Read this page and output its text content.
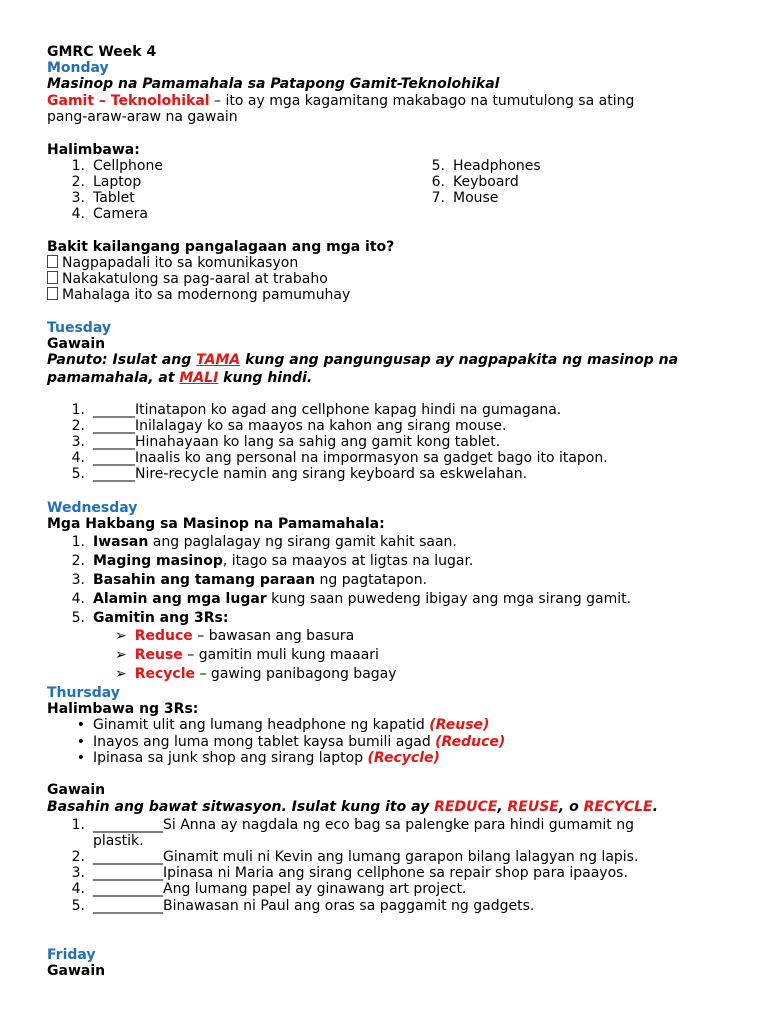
GMRC Week 4
Monday
Masinop na Pamamahala sa Patapong Gamit-Teknolohikal
Gamit – Teknolohikal – ito ay mga kagamitang makabago na tumutulong sa ating
pang-araw-araw na gawain
Halimbawa:
1. Cellphone
2. Laptop
3. Tablet
4. Camera
5. Headphones
6. Keyboard
7. Mouse
Bakit kailangang pangalagaan ang mga ito?
Nagpapadali ito sa komunikasyon
Nakakatulong sa pag-aaral at trabaho
Mahalaga ito sa modernong pamumuhay
Tuesday
Gawain
Panuto: Isulat ang TAMA kung ang pangungusap ay nagpapakita ng masinop na
pamamahala, at MALI kung hindi.
1. ______Itinatapon ko agad ang cellphone kapag hindi na gumagana.
2. ______Inilalagay ko sa maayos na kahon ang sirang mouse.
3. ______Hinahayaan ko lang sa sahig ang gamit kong tablet.
4. ______Inaalis ko ang personal na impormasyon sa gadget bago ito itapon.
5. ______Nire-recycle namin ang sirang keyboard sa eskwelahan.
Wednesday
Mga Hakbang sa Masinop na Pamamahala:
1. Iwasan ang paglalagay ng sirang gamit kahit saan.
2. Maging masinop, itago sa maayos at ligtas na lugar.
3. Basahin ang tamang paraan ng pagtatapon.
4. Alamin ang mga lugar kung saan puwedeng ibigay ang mga sirang gamit.
5. Gamitin ang 3Rs:
➢ Reduce – bawasan ang basura
➢ Reuse – gamitin muli kung maaari
➢ Recycle – gawing panibagong bagay
Thursday
Halimbawa ng 3Rs:
• Ginamit ulit ang lumang headphone ng kapatid (Reuse)
• Inayos ang luma mong tablet kaysa bumili agad (Reduce)
• Ipinasa sa junk shop ang sirang laptop (Recycle)
Gawain
Basahin ang bawat sitwasyon. Isulat kung ito ay REDUCE, REUSE, o RECYCLE.
1. __________Si Anna ay nagdala ng eco bag sa palengke para hindi gumamit ng
plastik.
2. __________Ginamit muli ni Kevin ang lumang garapon bilang lalagyan ng lapis.
3. __________Ipinasa ni Maria ang sirang cellphone sa repair shop para ipaayos.
4. __________Ang lumang papel ay ginawang art project.
5. __________Binawasan ni Paul ang oras sa paggamit ng gadgets.
Friday
Gawain
